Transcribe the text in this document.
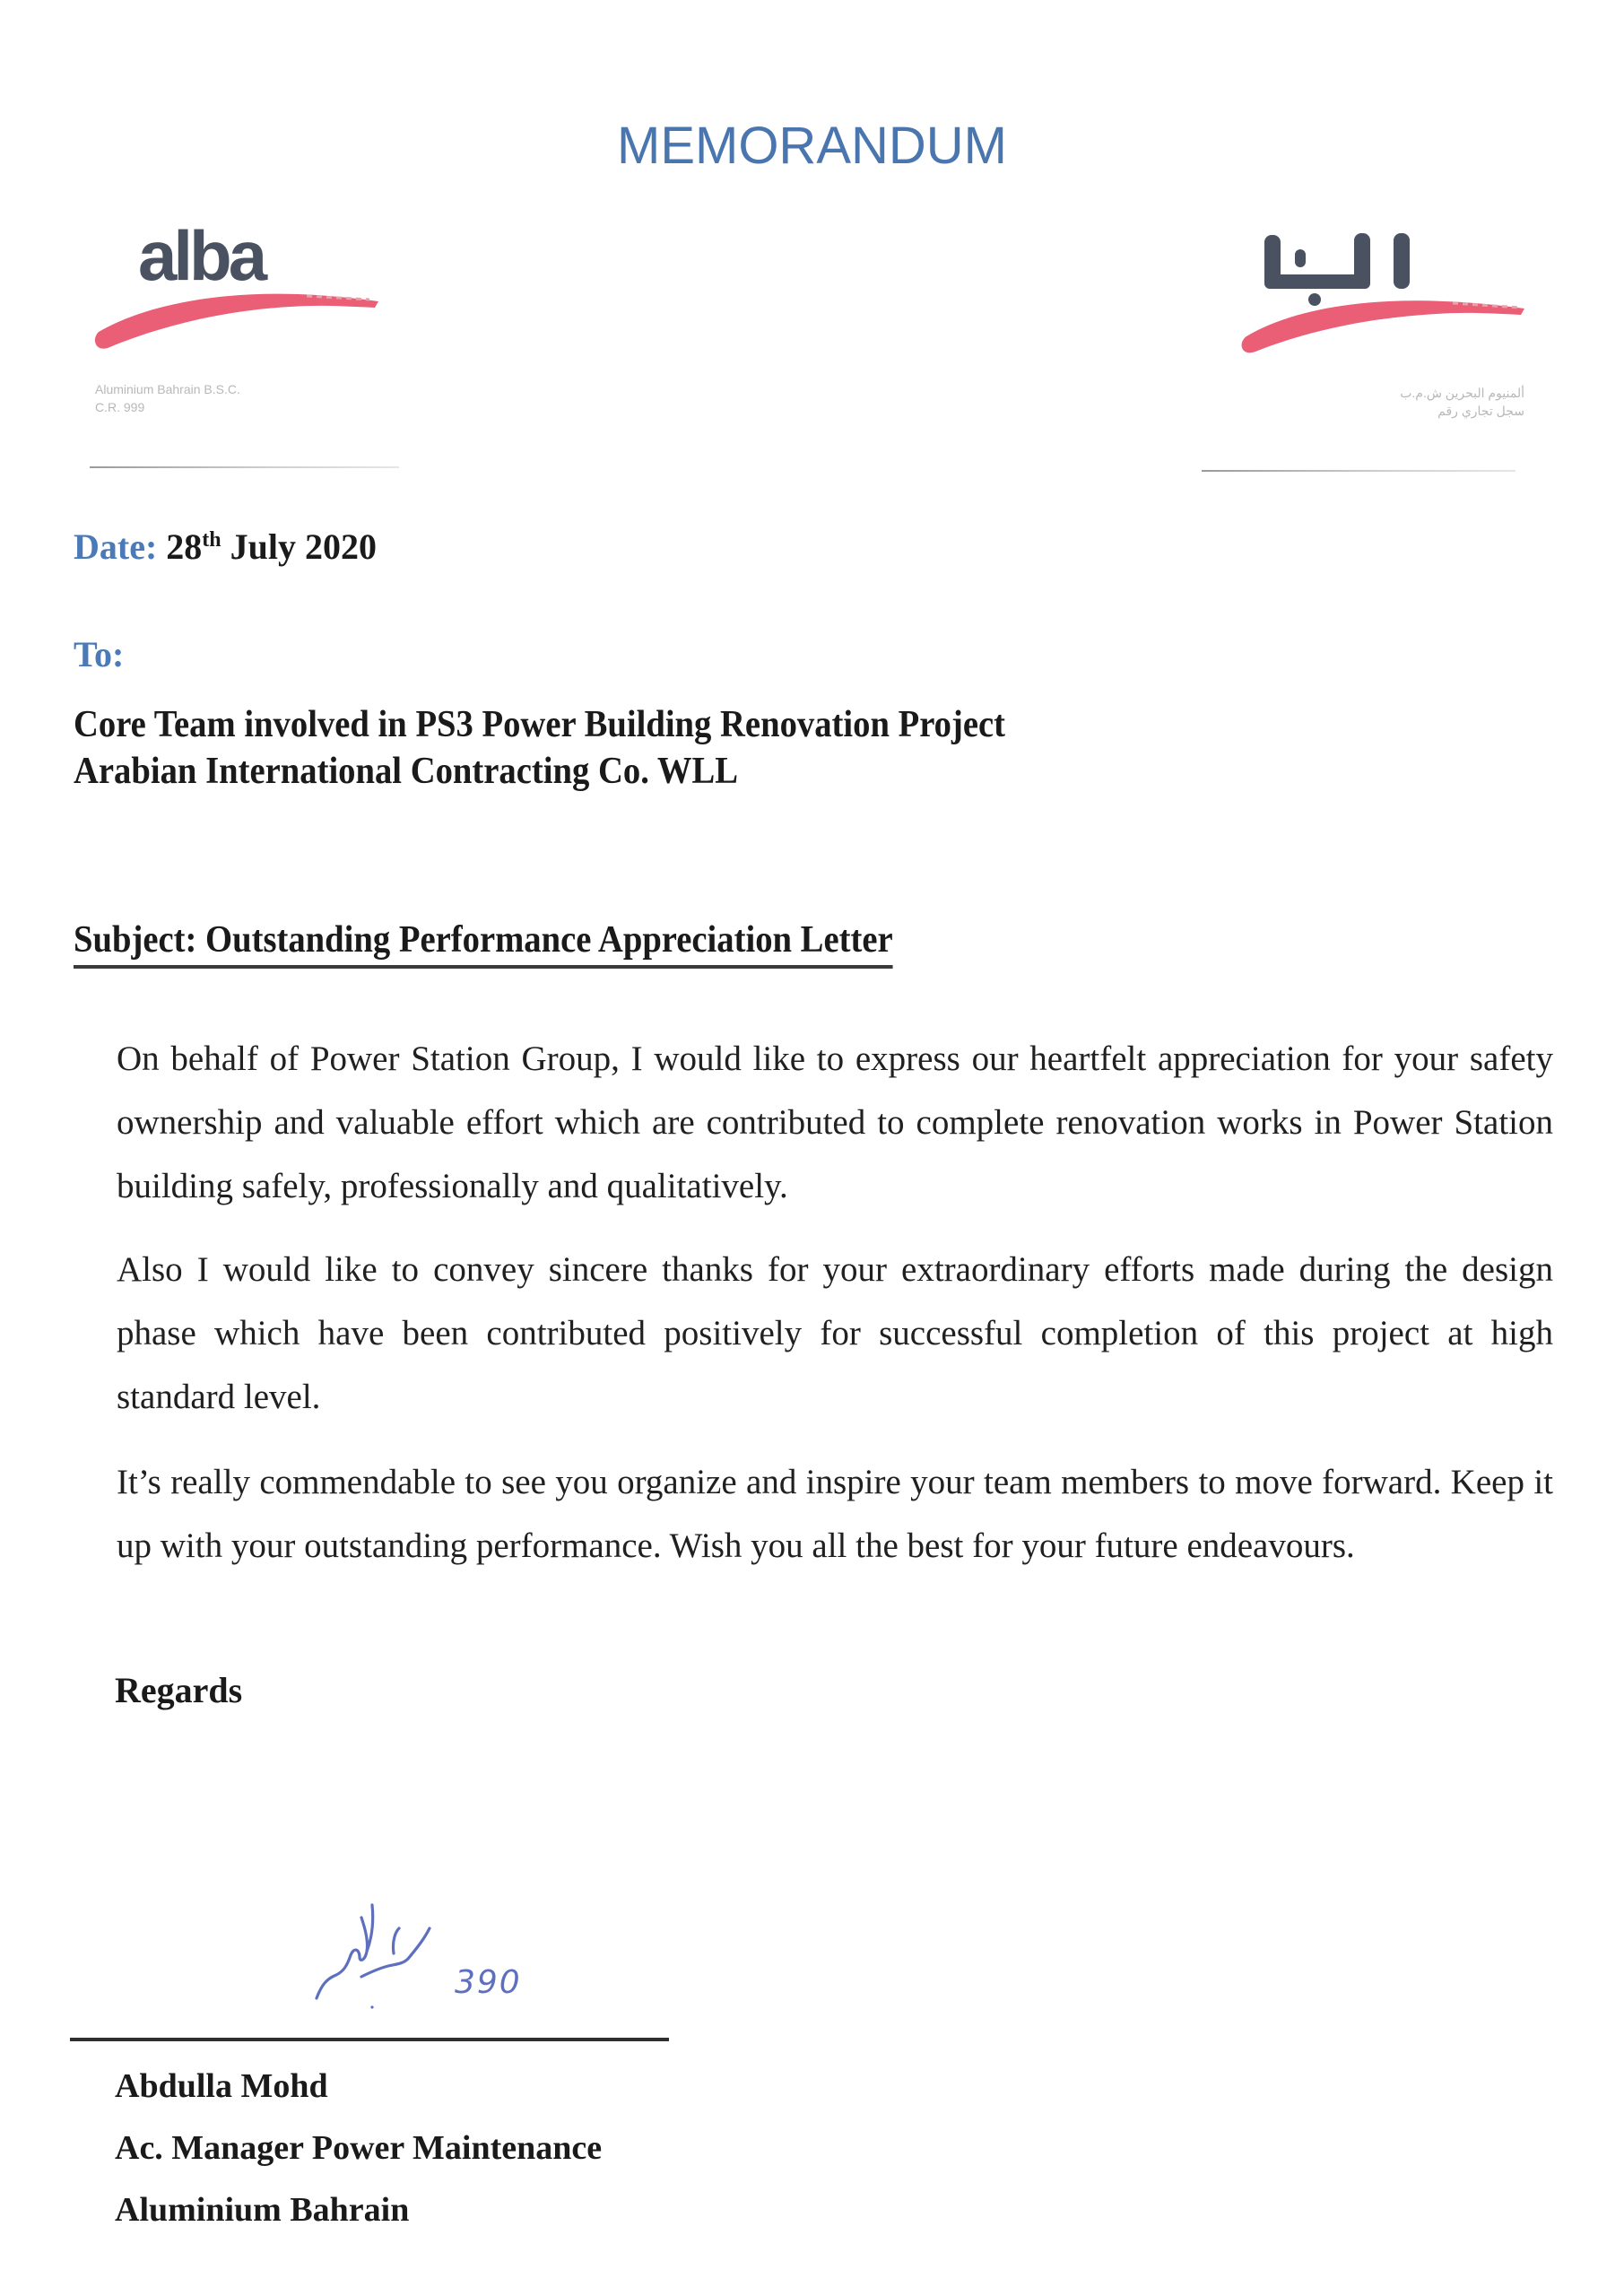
MEMORANDUM
alba
Aluminium Bahrain B.S.C.
C.R. 999
ألمنيوم البحرين ش.م.ب
سجل تجاري رقم
Date: 28th July 2020
To:
Core Team involved in PS3 Power Building Renovation Project
Arabian International Contracting Co. WLL
Subject: Outstanding Performance Appreciation Letter

On behalf of Power Station Group, I would like to express our heartfelt appreciation for your safety ownership and valuable effort which are contributed to complete renovation works in Power Station building safely, professionally and qualitatively.

Also I would like to convey sincere thanks for your extraordinary efforts made during the design phase which have been contributed positively for successful completion of this project at high standard level.

It’s really commendable to see you organize and inspire your team members to move forward. Keep it up with your outstanding performance. Wish you all the best for your future endeavours.

Regards
390
Abdulla Mohd
Ac. Manager Power Maintenance
Aluminium Bahrain
